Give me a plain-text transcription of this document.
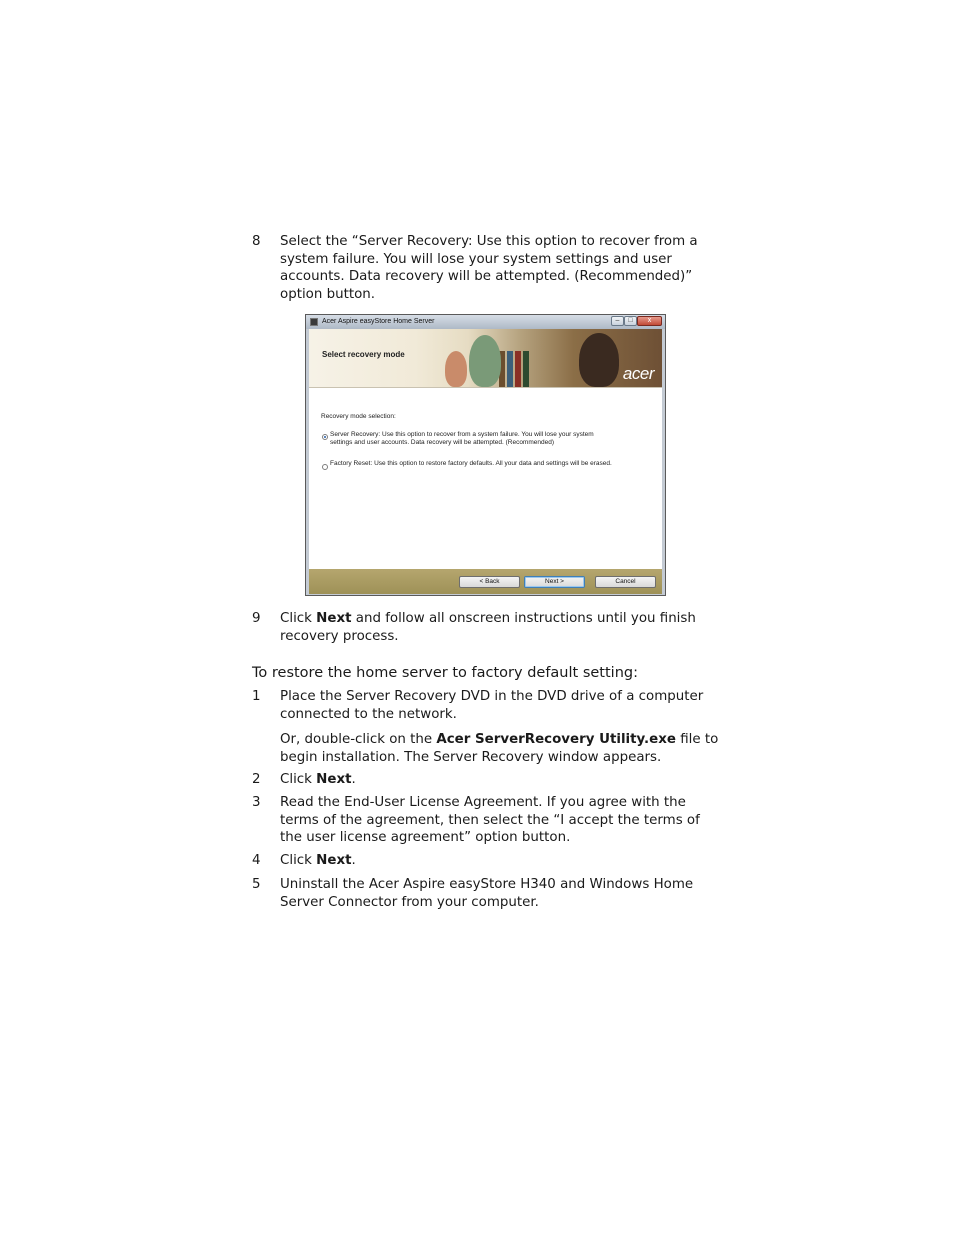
8	Select the “Server Recovery: Use this option to recover from a system failure. You will lose your system settings and user accounts. Data recovery will be attempted. (Recommended)” option button.
Acer Aspire easyStore Home Server	–	□	x
Select recovery mode
acer
Recovery mode selection:
Server Recovery: Use this option to recover from a system failure. You will lose your system settings and user accounts. Data recovery will be attempted. (Recommended)
Factory Reset: Use this option to restore factory defaults. All your data and settings will be erased.
< Back	Next >	Cancel
9	Click Next and follow all onscreen instructions until you finish recovery process.
To restore the home server to factory default setting:
1	Place the Server Recovery DVD in the DVD drive of a computer connected to the network.
Or, double-click on the Acer ServerRecovery Utility.exe file to begin installation. The Server Recovery window appears.
2	Click Next.
3	Read the End-User License Agreement. If you agree with the terms of the agreement, then select the “I accept the terms of the user license agreement” option button.
4	Click Next.
5	Uninstall the Acer Aspire easyStore H340 and Windows Home Server Connector from your computer.
